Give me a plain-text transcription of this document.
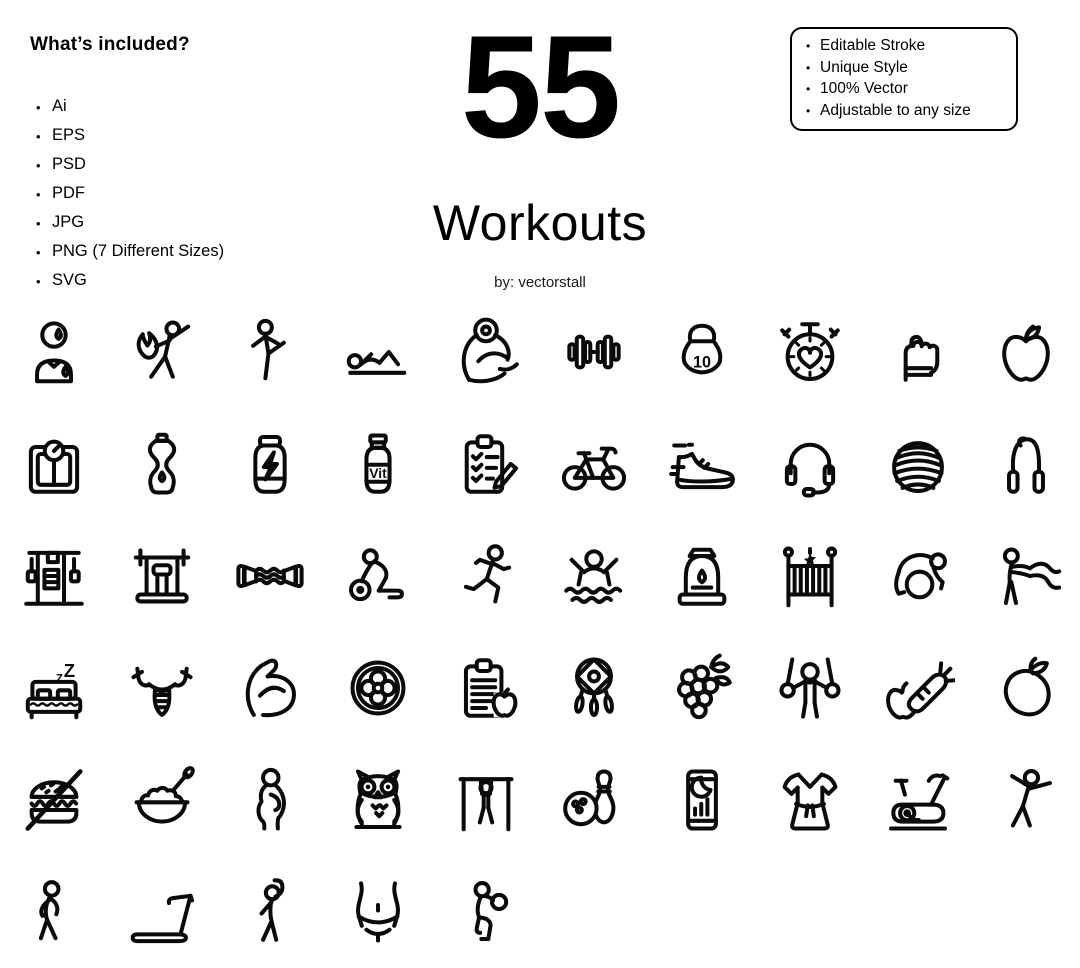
What’s included?
• Ai
• EPS
• PSD
• PDF
• JPG
• PNG (7 Different Sizes)
• SVG
55
Workouts
by: vectorstall
• Editable Stroke
• Unique Style
• 100% Vector
• Adjustable to any size
10
Vit
Z
Z
